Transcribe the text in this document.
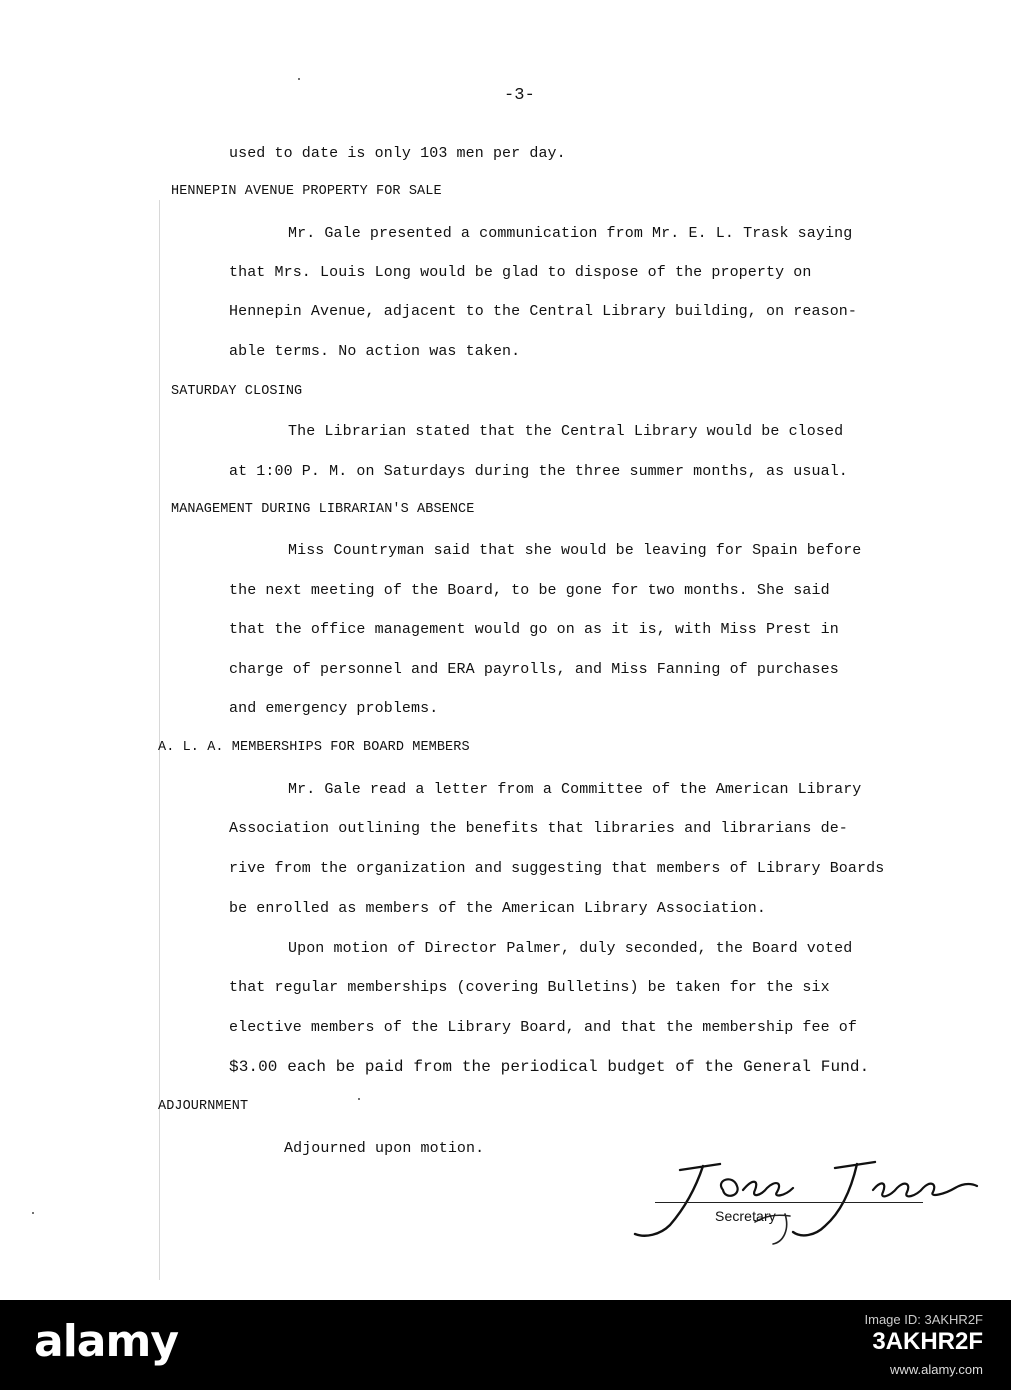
-3-
used to date is only 103 men per day.
HENNEPIN AVENUE PROPERTY FOR SALE
Mr. Gale presented a communication from Mr. E. L. Trask saying
that Mrs. Louis Long would be glad to dispose of the property on
Hennepin Avenue, adjacent to the Central Library building, on reason-
able terms. No action was taken.
SATURDAY CLOSING
The Librarian stated that the Central Library would be closed
at 1:00 P. M. on Saturdays during the three summer months, as usual.
MANAGEMENT DURING LIBRARIAN'S ABSENCE
Miss Countryman said that she would be leaving for Spain before
the next meeting of the Board, to be gone for two months. She said
that the office management would go on as it is, with Miss Prest in
charge of personnel and ERA payrolls, and Miss Fanning of purchases
and emergency problems.
A. L. A. MEMBERSHIPS FOR BOARD MEMBERS
Mr. Gale read a letter from a Committee of the American Library
Association outlining the benefits that libraries and librarians de-
rive from the organization and suggesting that members of Library Boards
be enrolled as members of the American Library Association.
Upon motion of Director Palmer, duly seconded, the Board voted
that regular memberships (covering Bulletins) be taken for the six
elective members of the Library Board, and that the membership fee of
$3.00 each be paid from the periodical budget of the General Fund.
ADJOURNMENT
Adjourned upon motion.
Secretary
alamy	Image ID: 3AKHR2F
3AKHR2F
www.alamy.com
